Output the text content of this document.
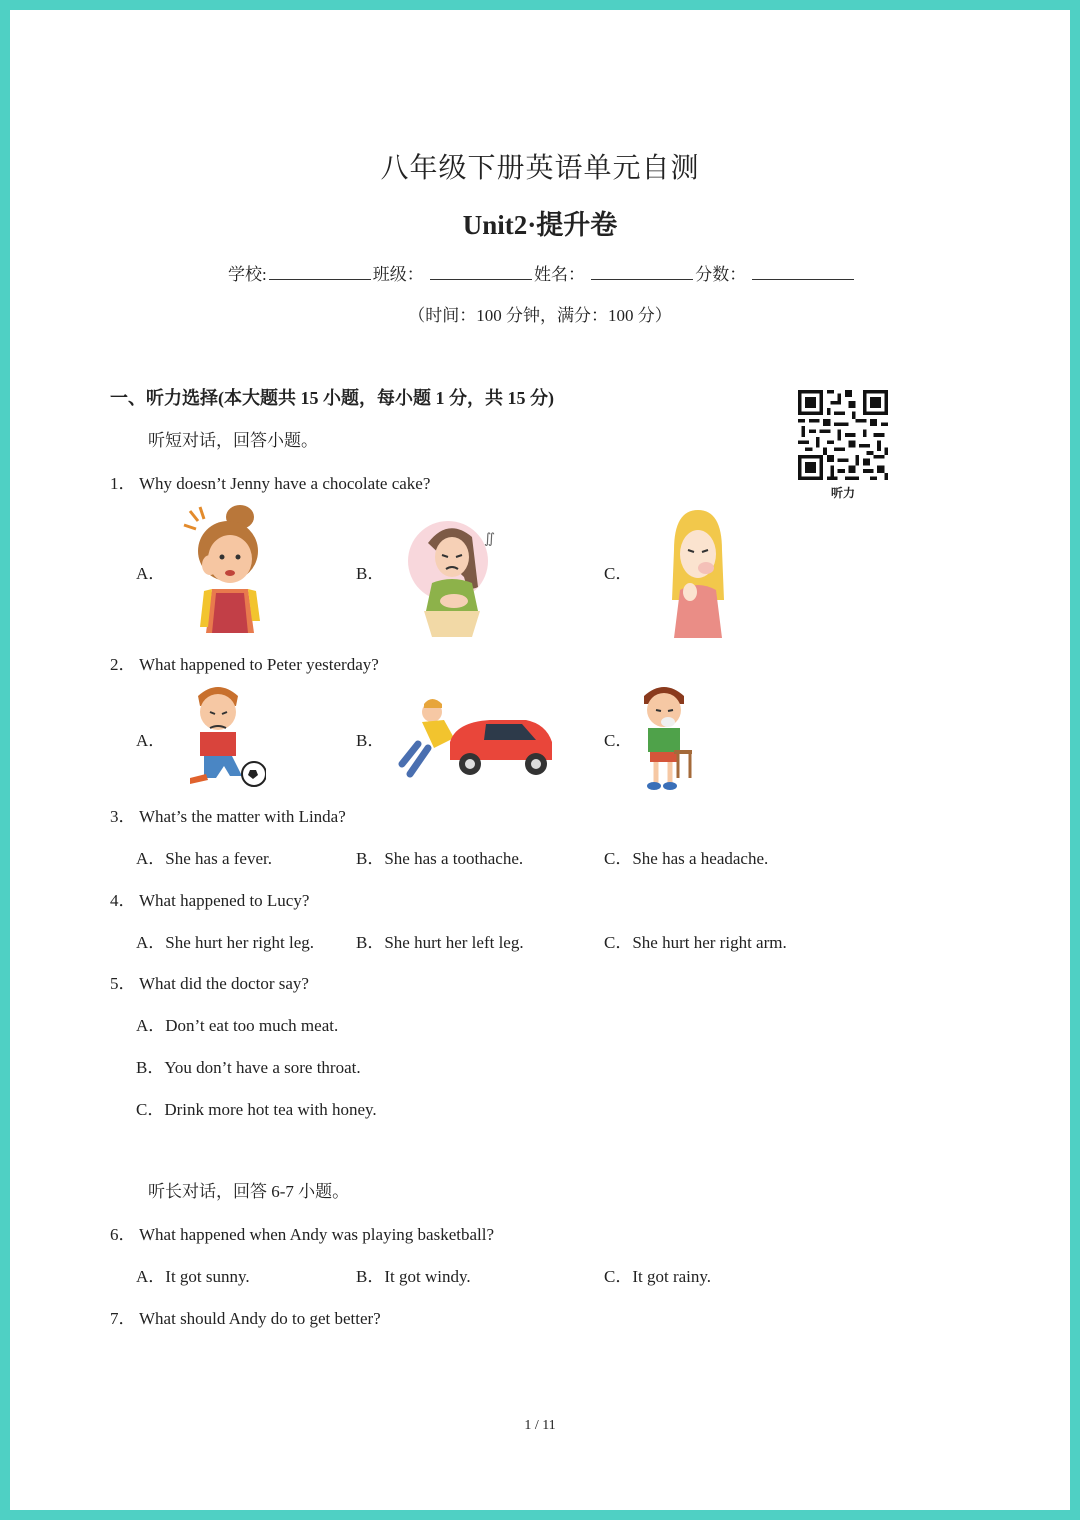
八年级下册英语单元自测
Unit2·提升卷
学校:	班级：	姓名：	分数：
（时间：100 分钟，满分：100 分）
一、听力选择(本大题共 15 小题，每小题 1 分，共 15 分)
听力
听短对话，回答小题。
1． Why doesn’t Jenny have a chocolate cake?
A．	B．	C．
∬
2． What happened to Peter yesterday?
A．	B．	C．
3． What’s the matter with Linda?
A．She has a fever.	B．She has a toothache.	C．She has a headache.
4． What happened to Lucy?
A．She hurt her right leg. B．She hurt her left leg.	C．She hurt her right arm.
5． What did the doctor say?
A．Don’t eat too much meat.
B．You don’t have a sore throat.
C．Drink more hot tea with honey.
听长对话，回答 6-7 小题。
6． What happened when Andy was playing basketball?
A．It got sunny.	B．It got windy.	C．It got rainy.
7． What should Andy do to get better?
1 / 11
